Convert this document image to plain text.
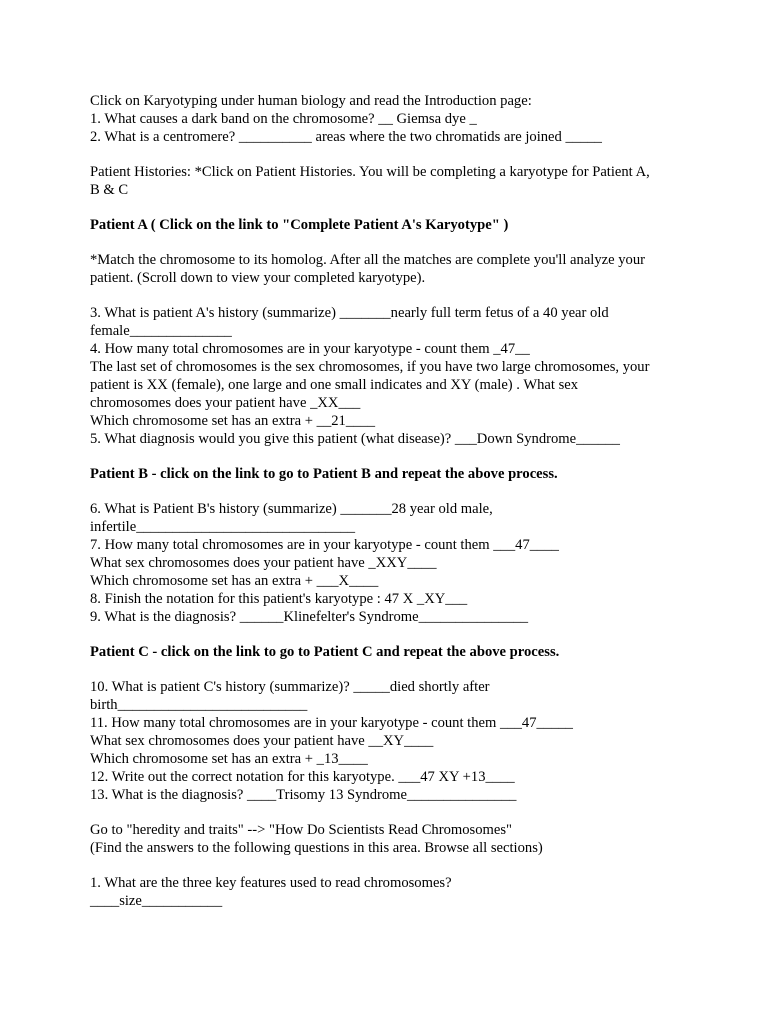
Click on Karyotyping under human biology and read the Introduction page:

1. What causes a dark band on the chromosome? __ Giemsa dye _

2. What is a centromere? __________ areas where the two chromatids are joined _____

Patient Histories: *Click on Patient Histories. You will be completing a karyotype for Patient A,

B & C

Patient A ( Click on the link to "Complete Patient A's Karyotype" )

*Match the chromosome to its homolog. After all the matches are complete you'll analyze your

patient. (Scroll down to view your completed karyotype).

3. What is patient A's history (summarize) _______nearly full term fetus of a 40 year old

female______________

4. How many total chromosomes are in your karyotype - count them _47__

The last set of chromosomes is the sex chromosomes, if you have two large chromosomes, your

patient is XX (female), one large and one small indicates and XY (male) . What sex

chromosomes does your patient have _XX___

Which chromosome set has an extra + __21____

5. What diagnosis would you give this patient (what disease)? ___Down Syndrome______

Patient B - click on the link to go to Patient B and repeat the above process.

6. What is Patient B's history (summarize) _______28 year old male,

infertile______________________________

7. How many total chromosomes are in your karyotype - count them ___47____

What sex chromosomes does your patient have _XXY____

Which chromosome set has an extra + ___X____

8. Finish the notation for this patient's karyotype : 47 X _XY___

9. What is the diagnosis? ______Klinefelter's Syndrome_______________

Patient C - click on the link to go to Patient C and repeat the above process.

10. What is patient C's history (summarize)? _____died shortly after

birth__________________________

11. How many total chromosomes are in your karyotype - count them ___47_____

What sex chromosomes does your patient have __XY____

Which chromosome set has an extra + _13____

12. Write out the correct notation for this karyotype. ___47 XY +13____

13. What is the diagnosis? ____Trisomy 13 Syndrome_______________

Go to "heredity and traits" --> "How Do Scientists Read Chromosomes"

(Find the answers to the following questions in this area. Browse all sections)

1. What are the three key features used to read chromosomes?

____size___________
